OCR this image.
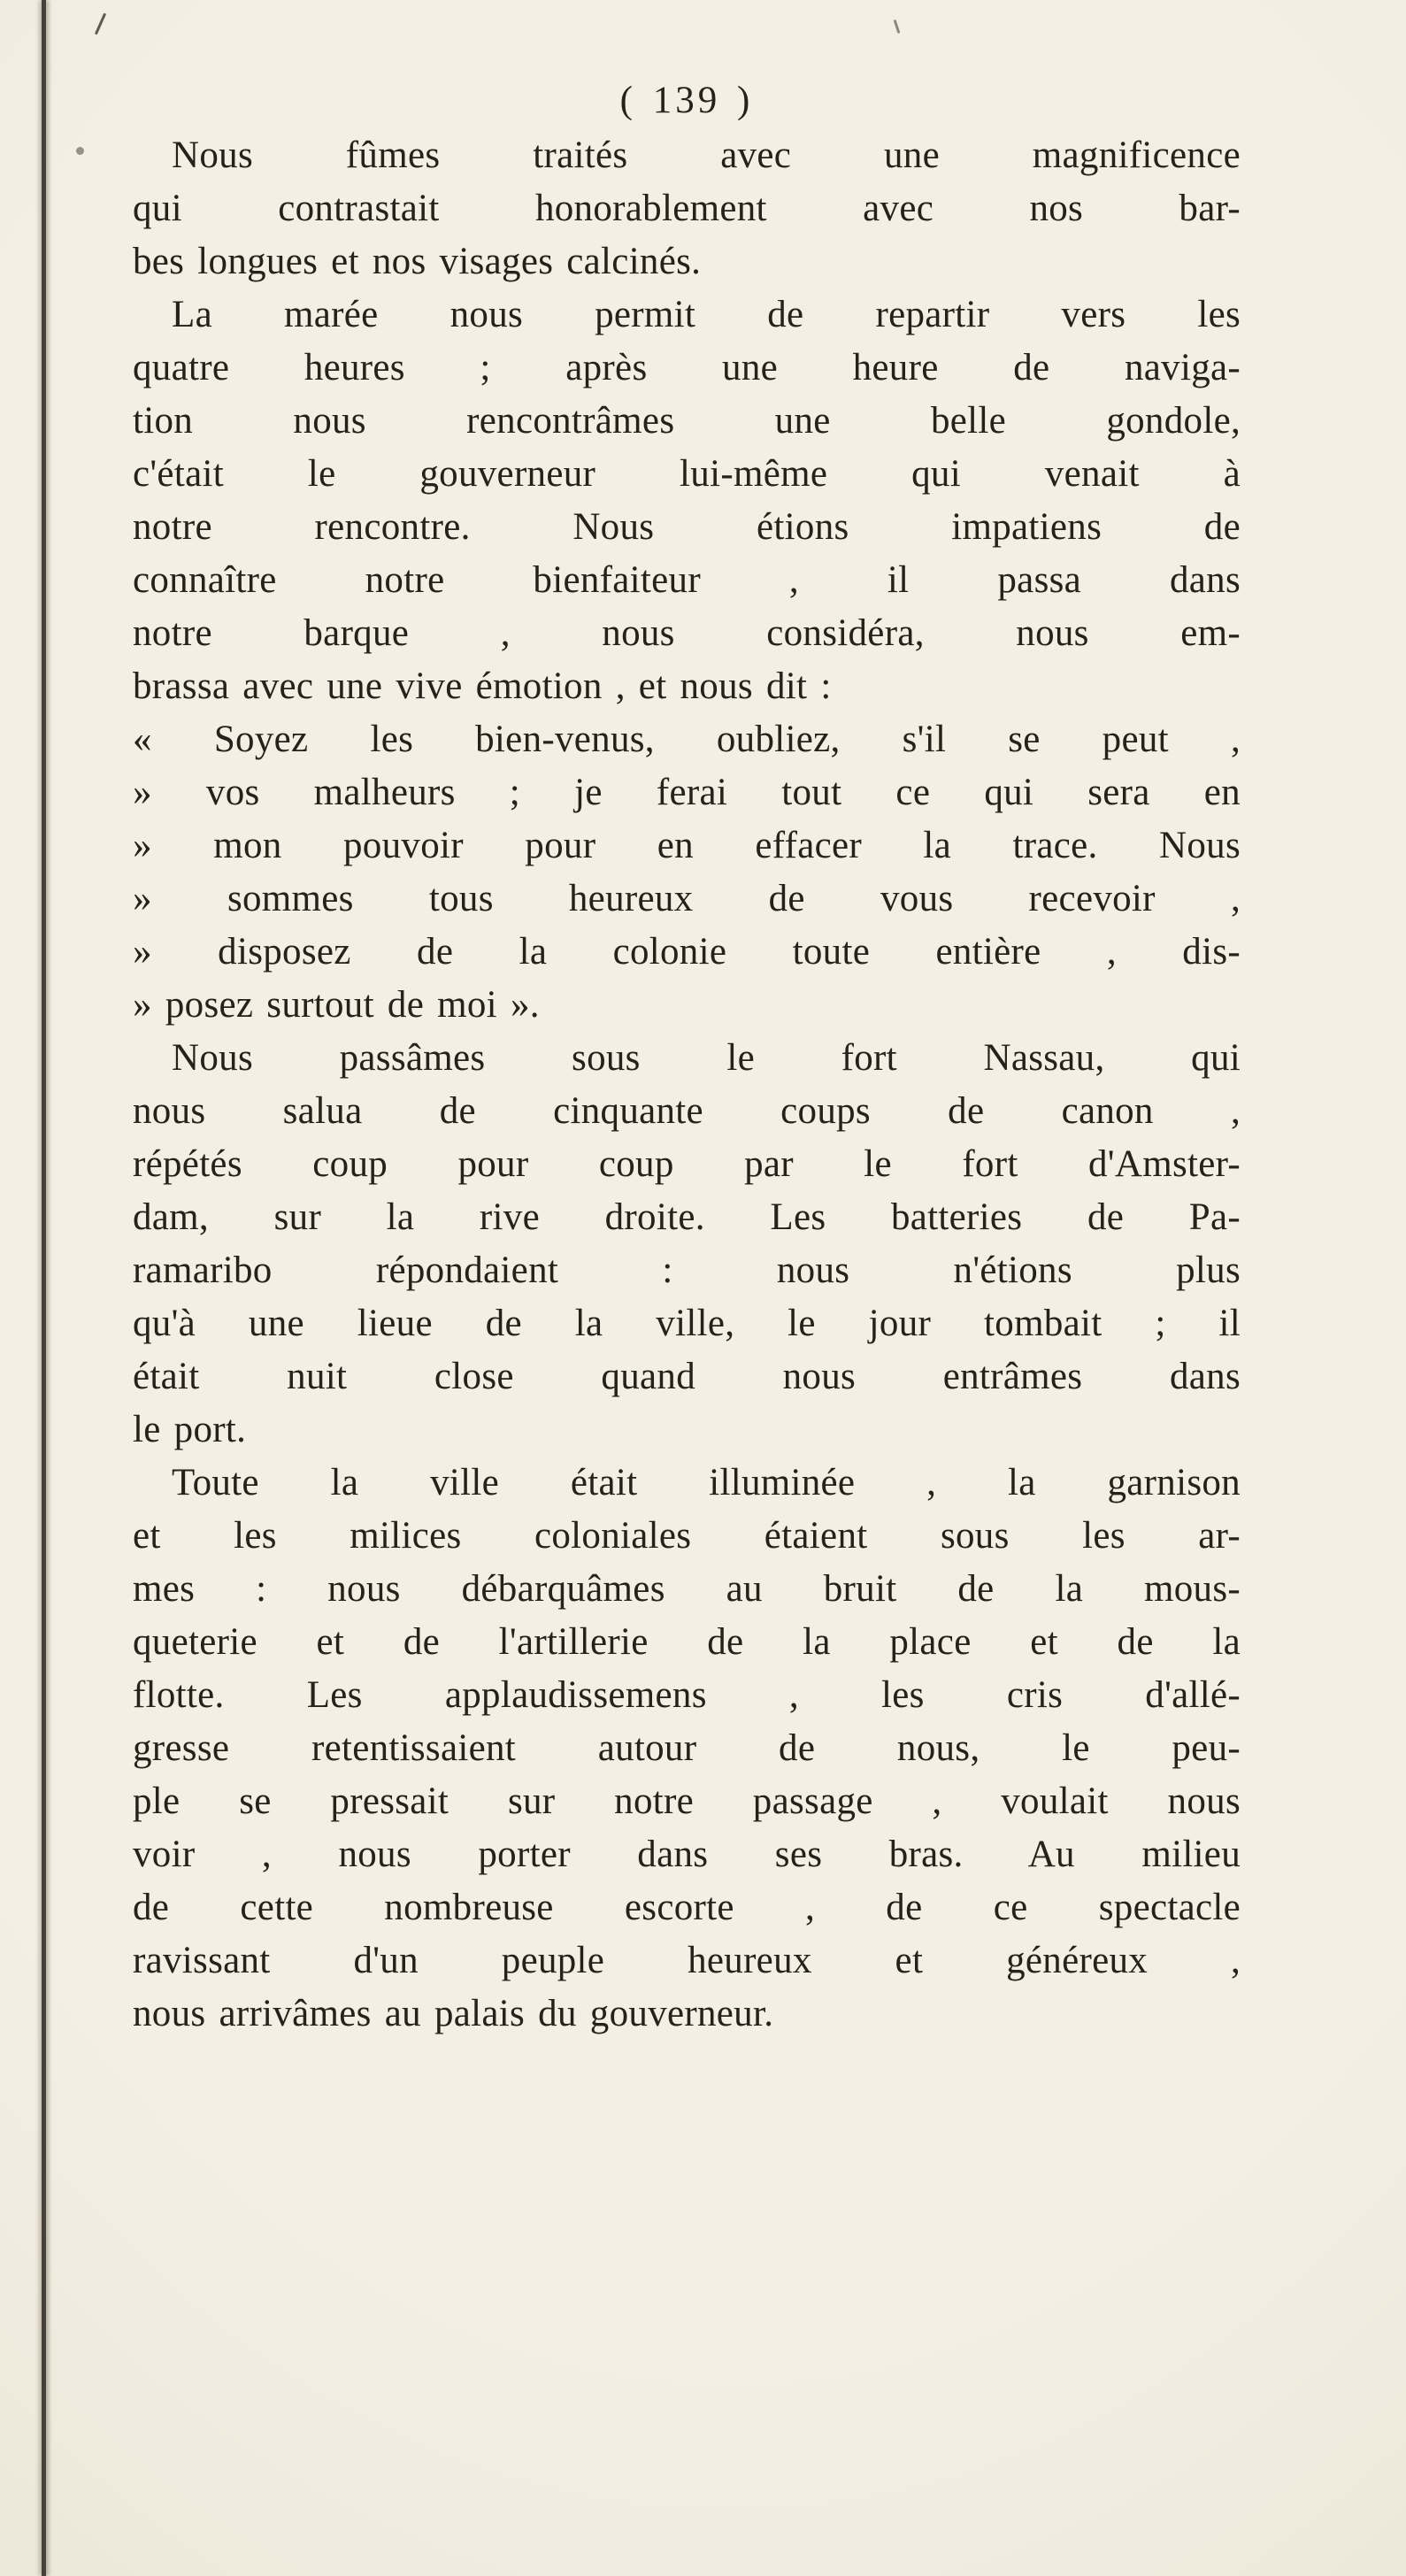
( 139 )
Nous fûmes traités avec une magnificence
qui contrastait honorablement avec nos bar-
bes longues et nos visages calcinés.
La marée nous permit de repartir vers les
quatre heures ; après une heure de naviga-
tion nous rencontrâmes une belle gondole,
c'était le gouverneur lui-même qui venait à
notre rencontre. Nous étions impatiens de
connaître notre bienfaiteur , il passa dans
notre barque , nous considéra, nous em-
brassa avec une vive émotion , et nous dit :
« Soyez les bien-venus, oubliez, s'il se peut ,
» vos malheurs ; je ferai tout ce qui sera en
» mon pouvoir pour en effacer la trace. Nous
» sommes tous heureux de vous recevoir ,
» disposez de la colonie toute entière , dis-
» posez surtout de moi ».
Nous passâmes sous le fort Nassau, qui
nous salua de cinquante coups de canon ,
répétés coup pour coup par le fort d'Amster-
dam, sur la rive droite. Les batteries de Pa-
ramaribo répondaient : nous n'étions plus
qu'à une lieue de la ville, le jour tombait ; il
était nuit close quand nous entrâmes dans
le port.
Toute la ville était illuminée , la garnison
et les milices coloniales étaient sous les ar-
mes : nous débarquâmes au bruit de la mous-
queterie et de l'artillerie de la place et de la
flotte. Les applaudissemens , les cris d'allé-
gresse retentissaient autour de nous, le peu-
ple se pressait sur notre passage , voulait nous
voir , nous porter dans ses bras. Au milieu
de cette nombreuse escorte , de ce spectacle
ravissant d'un peuple heureux et généreux ,
nous arrivâmes au palais du gouverneur.
